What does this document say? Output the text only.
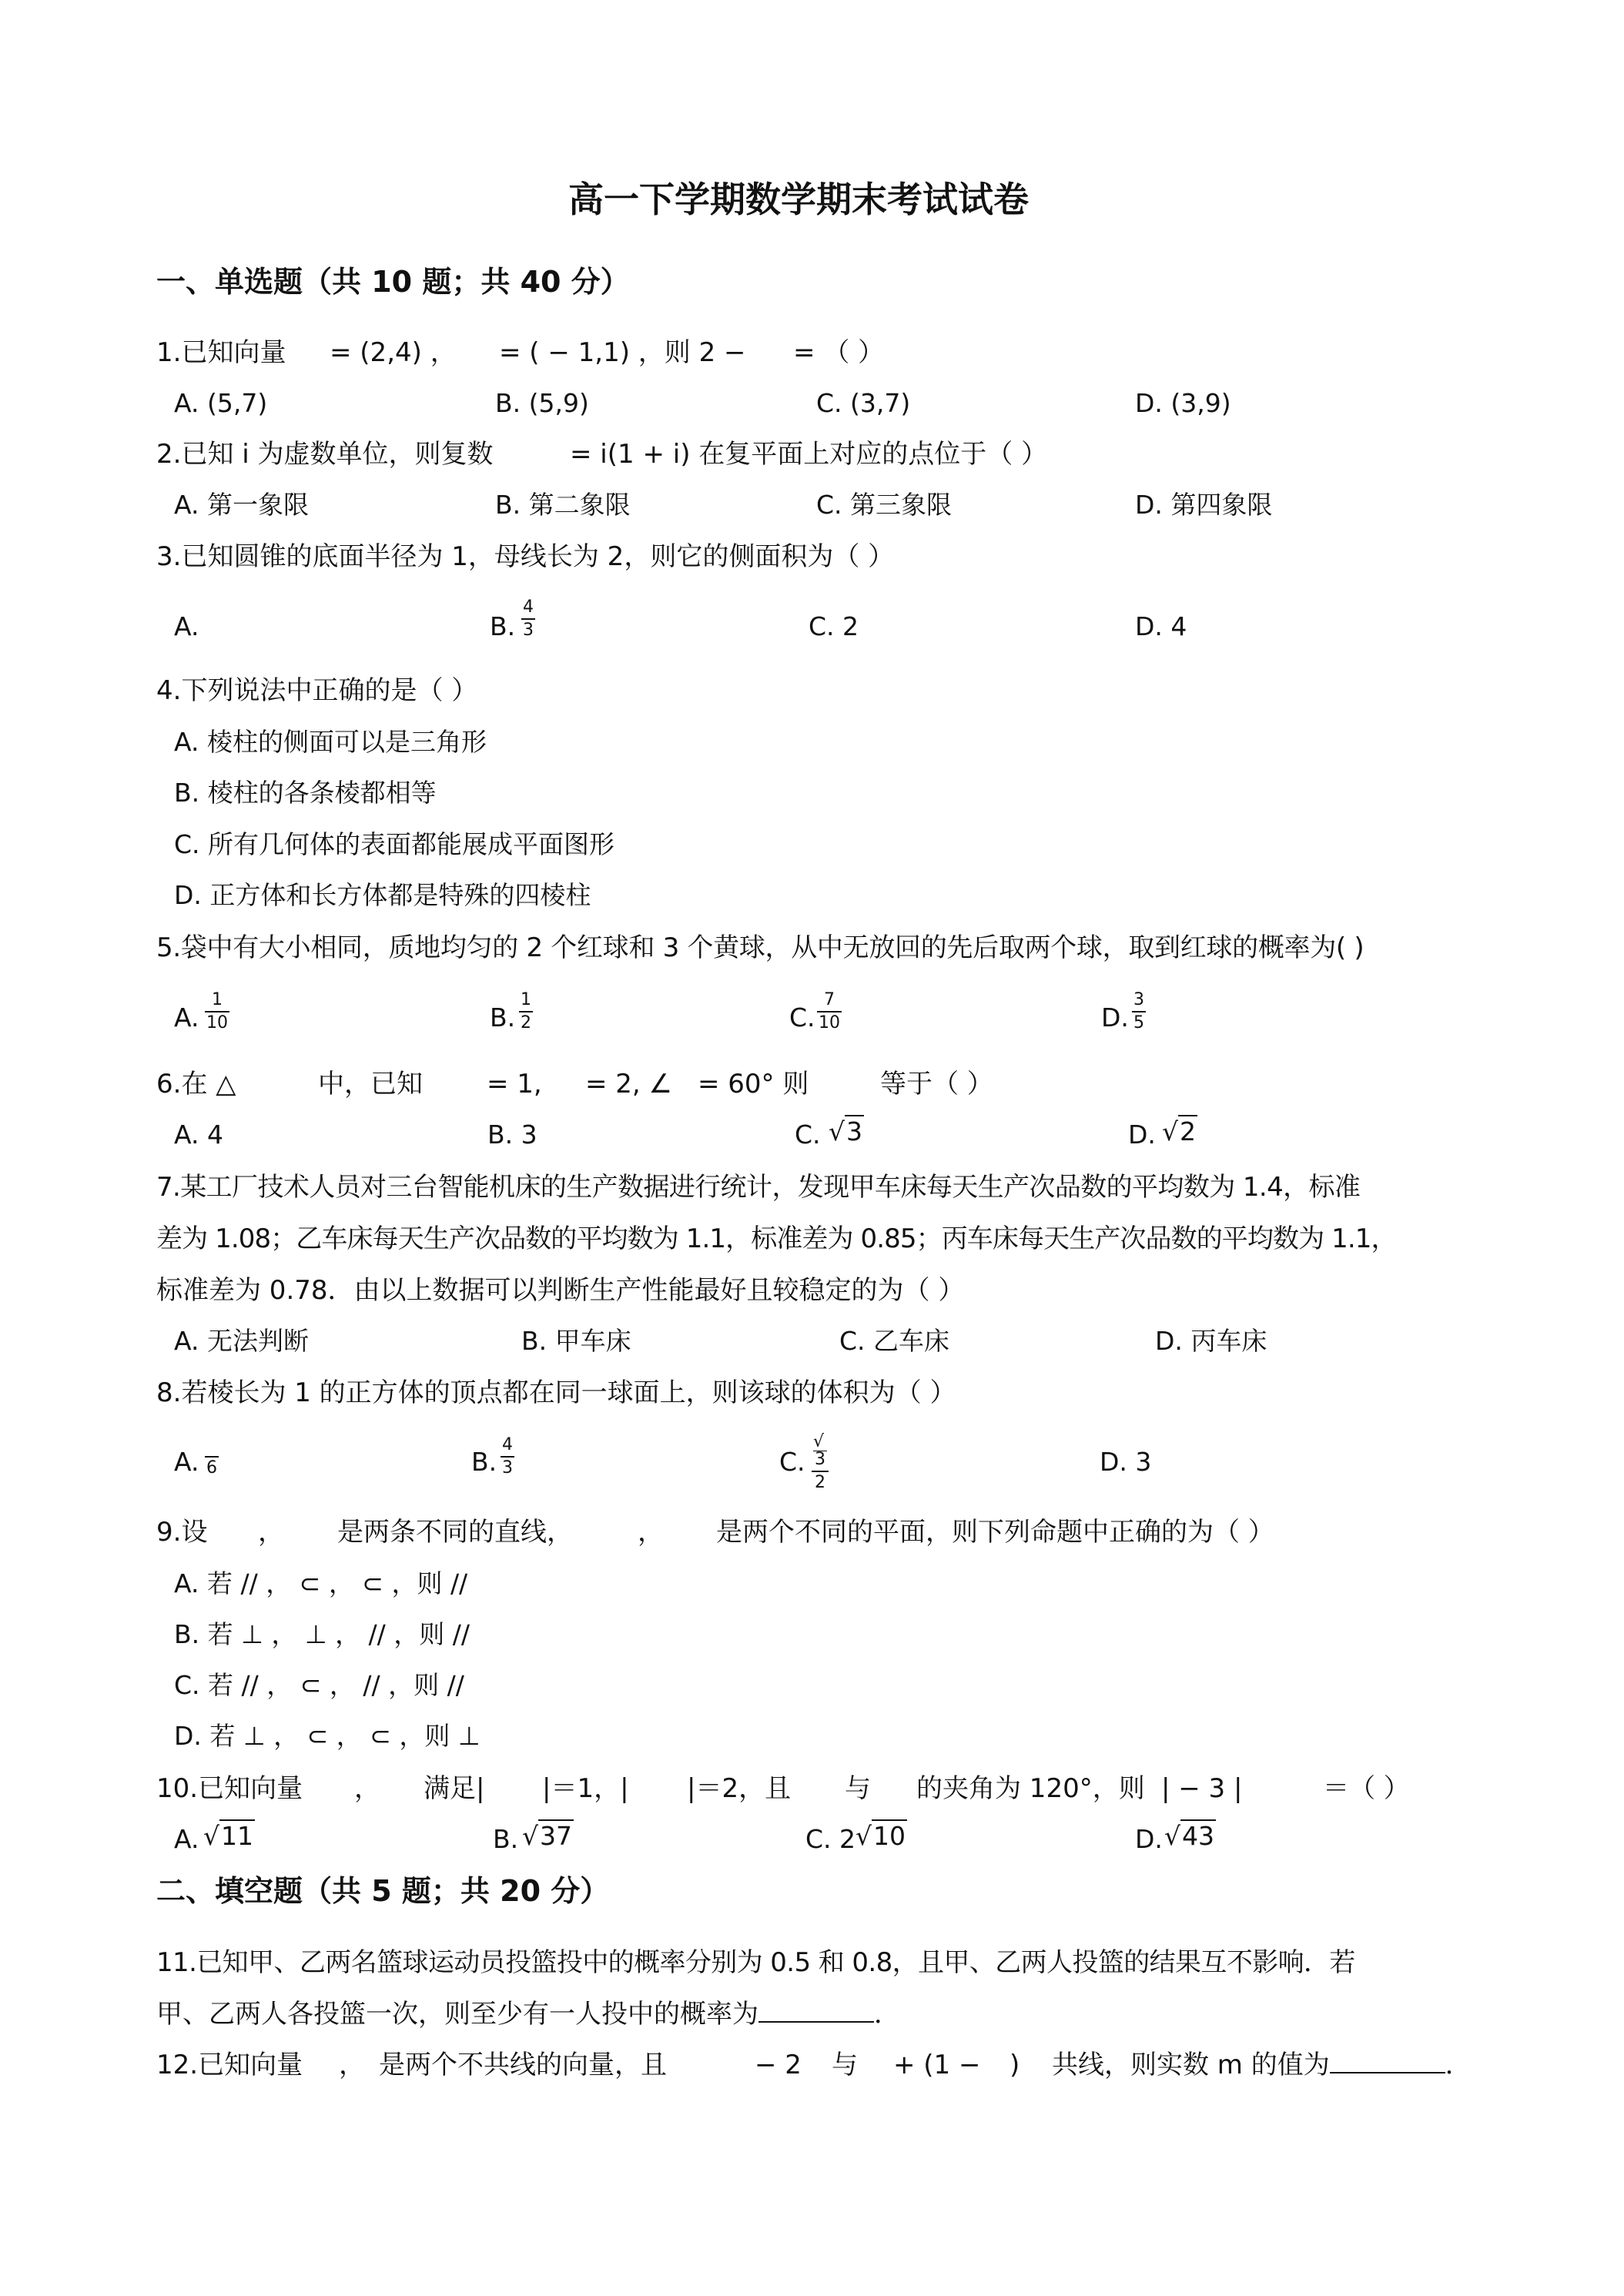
高一下学期数学期末考试试卷
一、单选题（共 10 题；共 40 分）
1.已知向量 = (2,4) ， = ( − 1,1) ，则 2 − = （ ）
A. (5,7)	B. (5,9)	C. (3,7)	D. (3,9)
2.已知 i 为虚数单位，则复数	= i(1 + i) 在复平面上对应的点位于（ ）
A. 第一象限	B. 第二象限	C. 第三象限	D. 第四象限
3.已知圆锥的底面半径为 1，母线长为 2，则它的侧面积为（ ）
A.	B.
4
3	C. 2	D. 4
4.下列说法中正确的是（ ）
A. 棱柱的侧面可以是三角形
B. 棱柱的各条棱都相等
C. 所有几何体的表面都能展成平面图形
D. 正方体和长方体都是特殊的四棱柱
5.袋中有大小相同，质地均匀的 2 个红球和 3 个黄球，从中无放回的先后取两个球，取到红球的概率为( )
A.
1
10	B.
1
2	C.
7
10	D.
3
5
6.在 △	中，已知 = 1, = 2, ∠ = 60° 则	等于（ ）
A. 4	B. 3	C. √3	D. √2
7.某工厂技术人员对三台智能机床的生产数据进行统计，发现甲车床每天生产次品数的平均数为 1.4，标准
差为 1.08；乙车床每天生产次品数的平均数为 1.1，标准差为 0.85；丙车床每天生产次品数的平均数为 1.1，
标准差为 0.78．由以上数据可以判断生产性能最好且较稳定的为（ ）
A. 无法判断	B. 甲车床	C. 乙车床	D. 丙车床
8.若棱长为 1 的正方体的顶点都在同一球面上，则该球的体积为（ ）
A. 6	B.
4
3	C.
√
3
2
D. 3
9.设 ， 是两条不同的直线， ， 是两个不同的平面，则下列命题中正确的为（ ）
A. 若 // ， ⊂ ， ⊂ ，则 //
B. 若 ⊥ ， ⊥ ， // ，则 //
C. 若 // ， ⊂ ， // ，则 //
D. 若 ⊥ ， ⊂ ， ⊂ ，则 ⊥
10.已知向量 ， 满足| |＝1，| |＝2，且 与 的夹角为 120°，则 | − 3 |	＝（ ）
A. √11	B. √37	C. 2 √10	D. √43
二、填空题（共 5 题；共 20 分）
11.已知甲、乙两名篮球运动员投篮投中的概率分别为 0.5 和 0.8，且甲、乙两人投篮的结果互不影响．若
甲、乙两人各投篮一次，则至少有一人投中的概率为	．
12.已知向量 ， 是两个不共线的向量，且	− 2 与 + (1 − ) 共线，则实数 m 的值为	．
